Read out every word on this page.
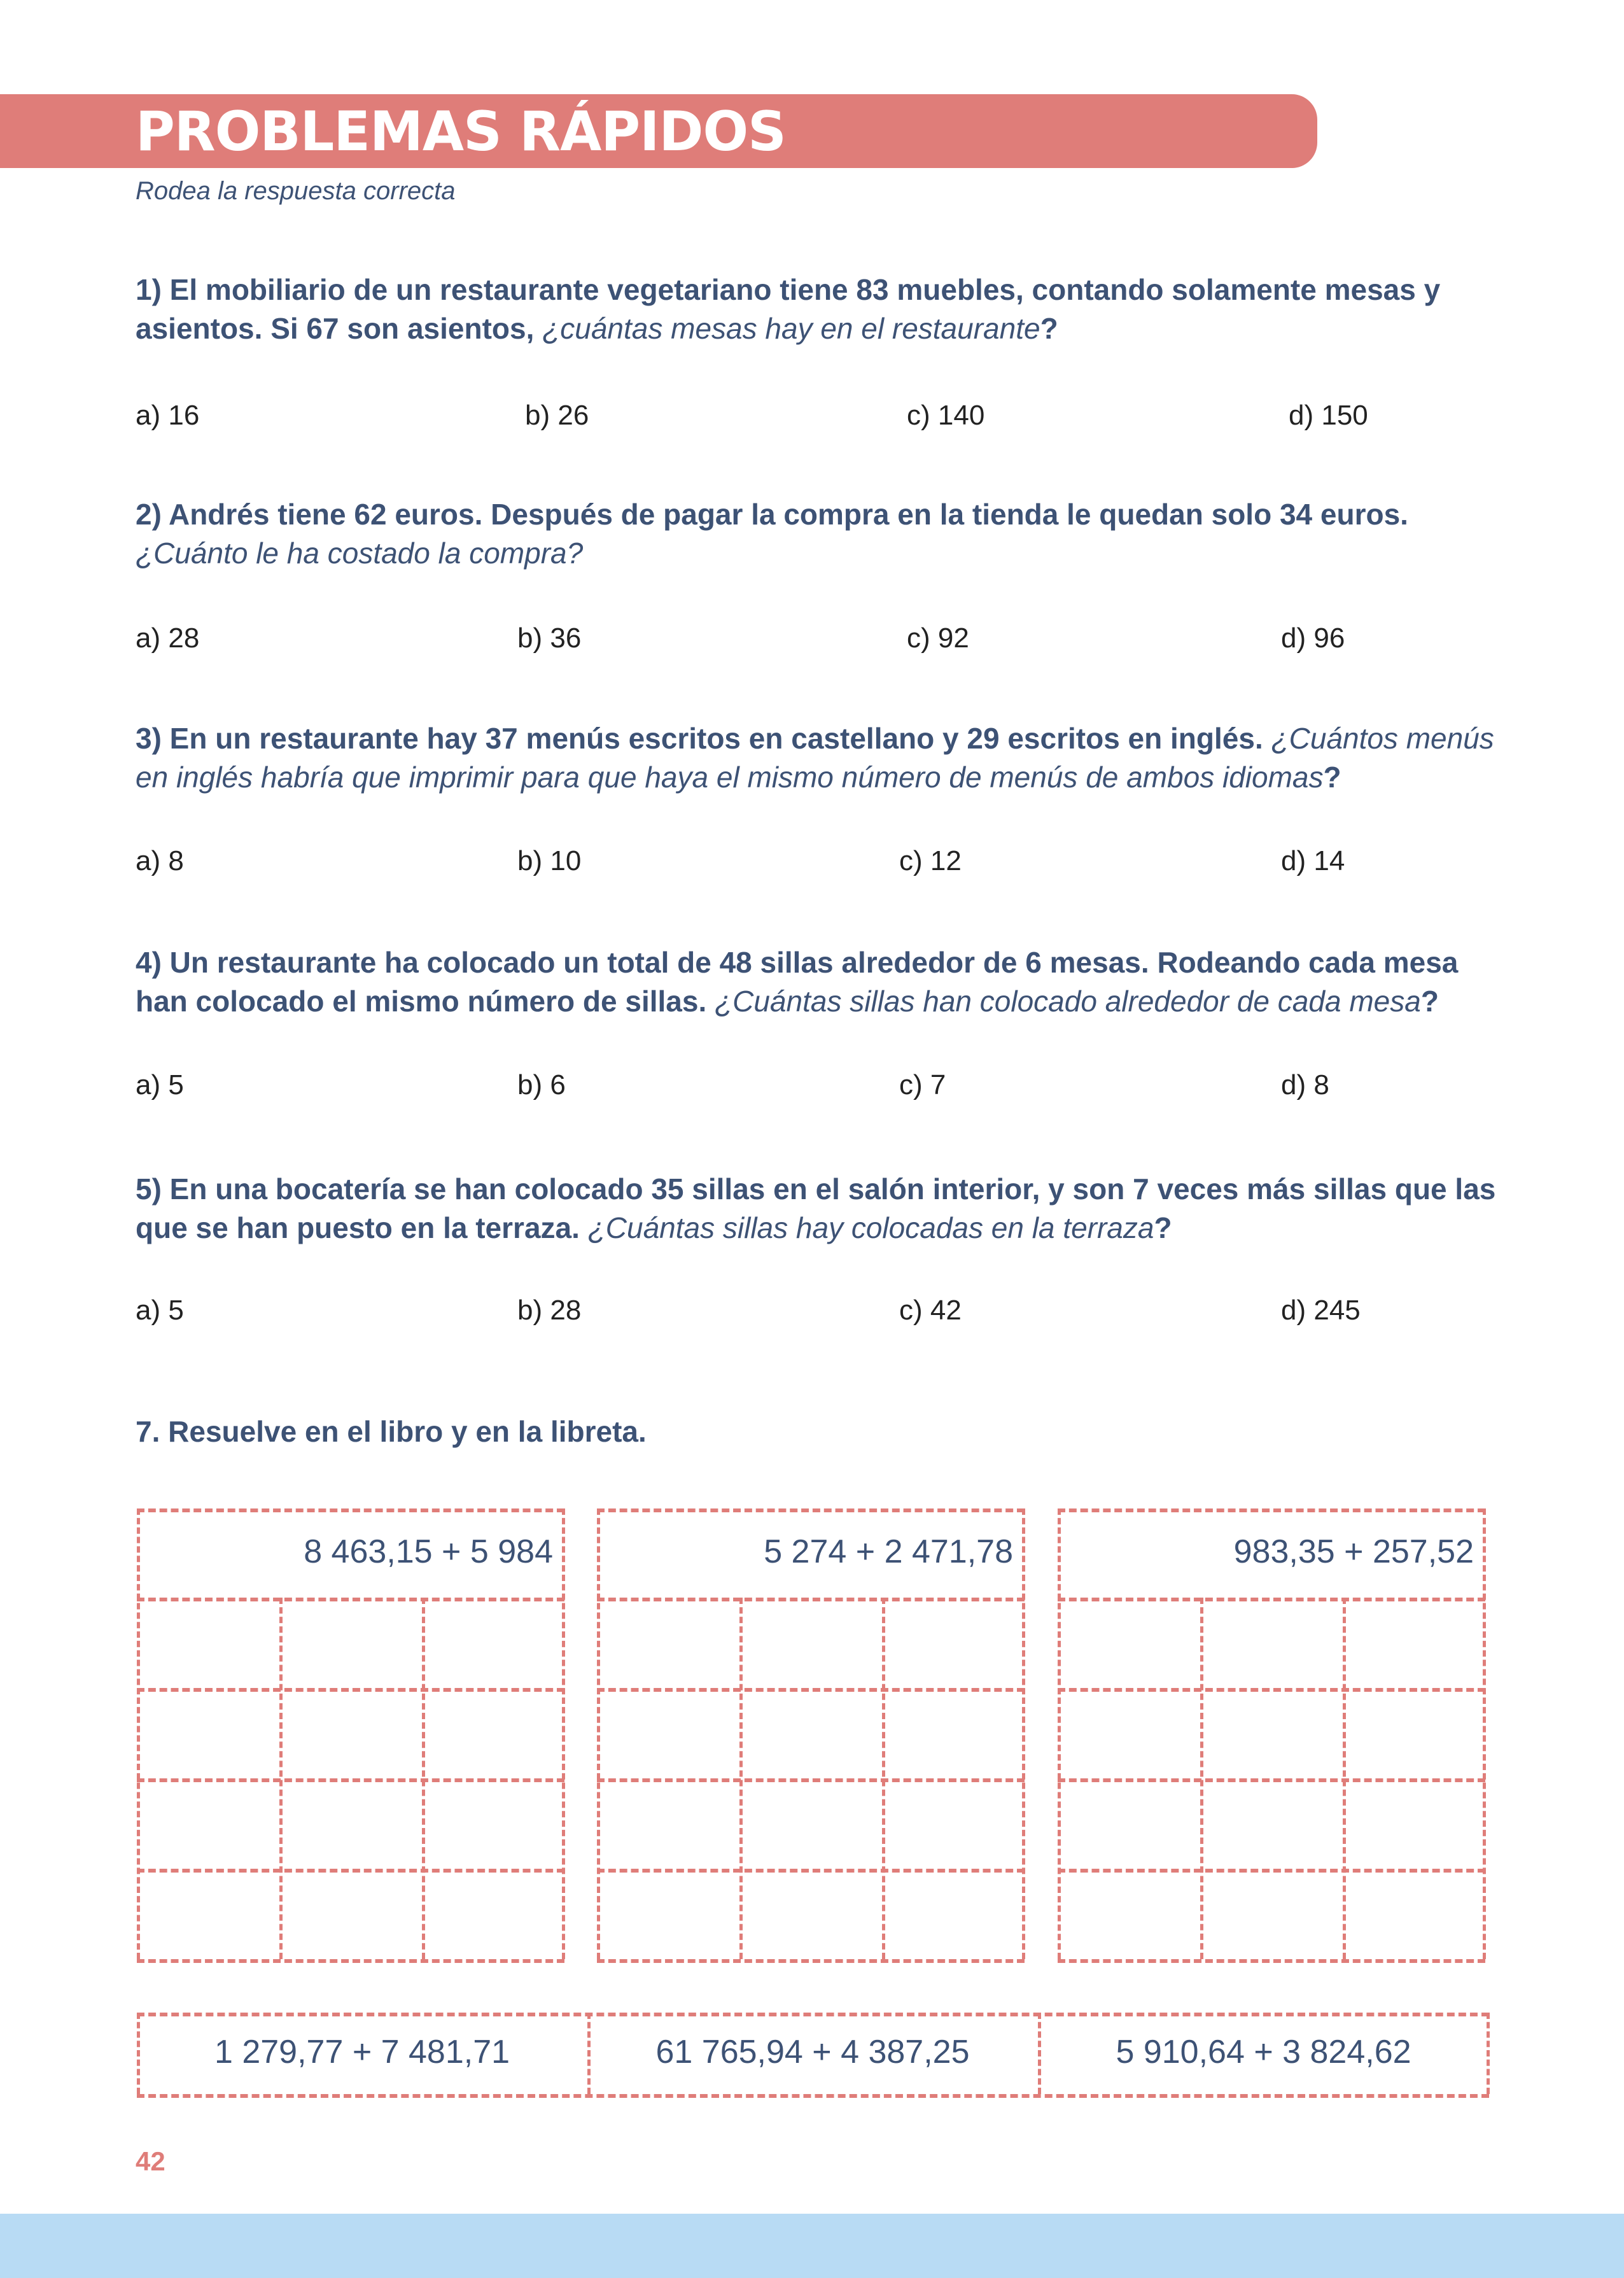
PROBLEMAS RÁPIDOS
Rodea la respuesta correcta
1) El mobiliario de un restaurante vegetariano tiene 83 muebles, contando solamente mesas y asientos. Si 67 son asientos, ¿cuántas mesas hay en el restaurante?
a) 16	b) 26	c) 140	d) 150
2) Andrés tiene 62 euros. Después de pagar la compra en la tienda le quedan solo 34 euros.
¿Cuánto le ha costado la compra?
a) 28	b) 36	c) 92	d) 96
3) En un restaurante hay 37 menús escritos en castellano y 29 escritos en inglés. ¿Cuántos menús en inglés habría que imprimir para que haya el mismo número de menús de ambos idiomas?
a) 8	b) 10	c) 12	d) 14
4) Un restaurante ha colocado un total de 48 sillas alrededor de 6 mesas. Rodeando cada mesa han colocado el mismo número de sillas. ¿Cuántas sillas han colocado alrededor de cada mesa?
a) 5	b) 6	c) 7	d) 8
5) En una bocatería se han colocado 35 sillas en el salón interior, y son 7 veces más sillas que las que se han puesto en la terraza. ¿Cuántas sillas hay colocadas en la terraza?
a) 5	b) 28	c) 42	d) 245
7. Resuelve en el libro y en la libreta.
8 463,15 + 5 984	5 274 + 2 471,78	983,35 + 257,52
1 279,77 + 7 481,71	61 765,94 + 4 387,25	5 910,64 + 3 824,62
42
